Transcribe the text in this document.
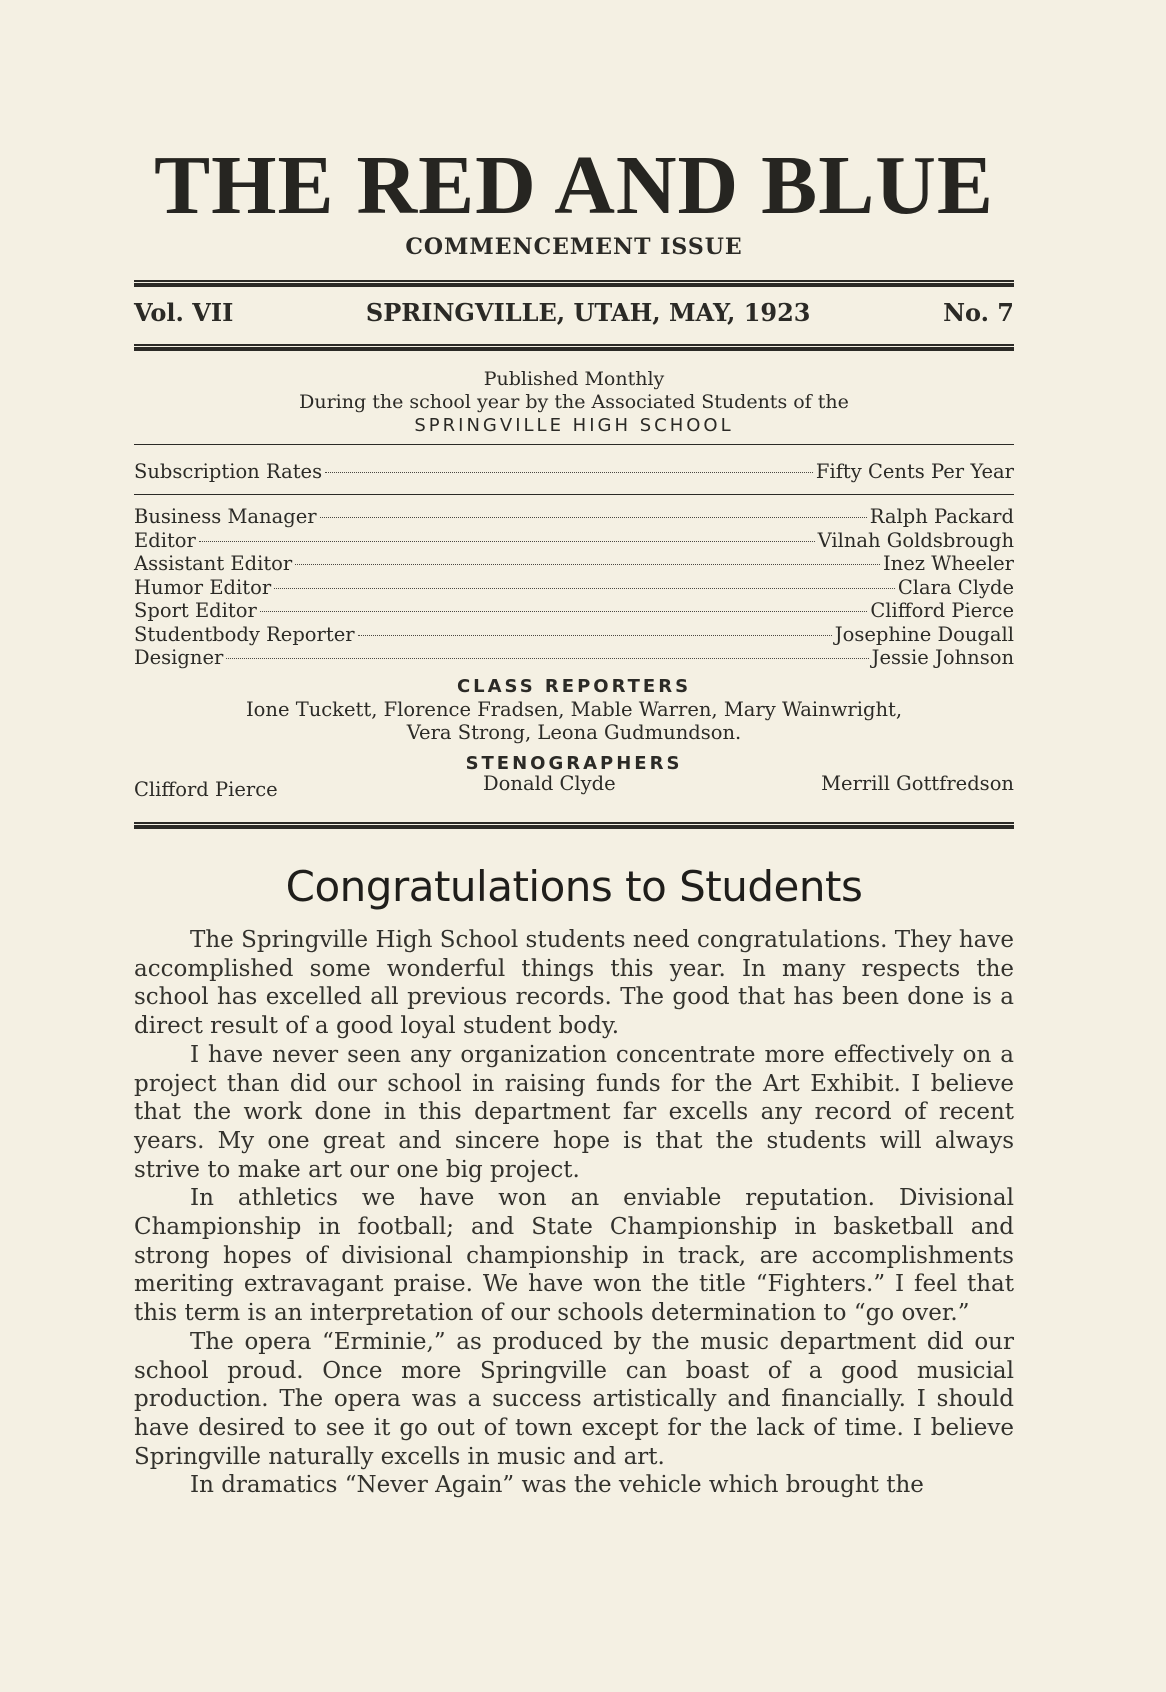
THE RED AND BLUE
COMMENCEMENT ISSUE
Vol. VII	SPRINGVILLE, UTAH, MAY, 1923	No. 7
Published Monthly
During the school year by the Associated Students of the
SPRINGVILLE HIGH SCHOOL
Subscription Rates	Fifty Cents Per Year
Business Manager	Ralph Packard
Editor	Vilnah Goldsbrough
Assistant Editor	Inez Wheeler
Humor Editor	Clara Clyde
Sport Editor	Clifford Pierce
Studentbody Reporter	Josephine Dougall
Designer	Jessie Johnson
CLASS REPORTERS
Ione Tuckett, Florence Fradsen, Mable Warren, Mary Wainwright,
Vera Strong, Leona Gudmundson.
STENOGRAPHERS
Clifford Pierce	Donald Clyde	Merrill Gottfredson
Congratulations to Students

The Springville High School students need congratulations. They have accomplished some wonderful things this year. In many respects the school has excelled all previous records. The good that has been done is a direct result of a good loyal student body.

I have never seen any organization concentrate more effectively on a project than did our school in raising funds for the Art Exhibit. I believe that the work done in this department far excells any record of recent years. My one great and sincere hope is that the students will always strive to make art our one big project.

In athletics we have won an enviable reputation. Divisional Championship in football; and State Championship in basketball and strong hopes of divisional championship in track, are accomplishments meriting extravagant praise. We have won the title “Fighters.” I feel that this term is an interpretation of our schools determination to “go over.”

The opera “Erminie,” as produced by the music department did our school proud. Once more Springville can boast of a good musicial production. The opera was a success artistically and financially. I should have desired to see it go out of town except for the lack of time. I believe Springville naturally excells in music and art.

In dramatics “Never Again” was the vehicle which brought the
